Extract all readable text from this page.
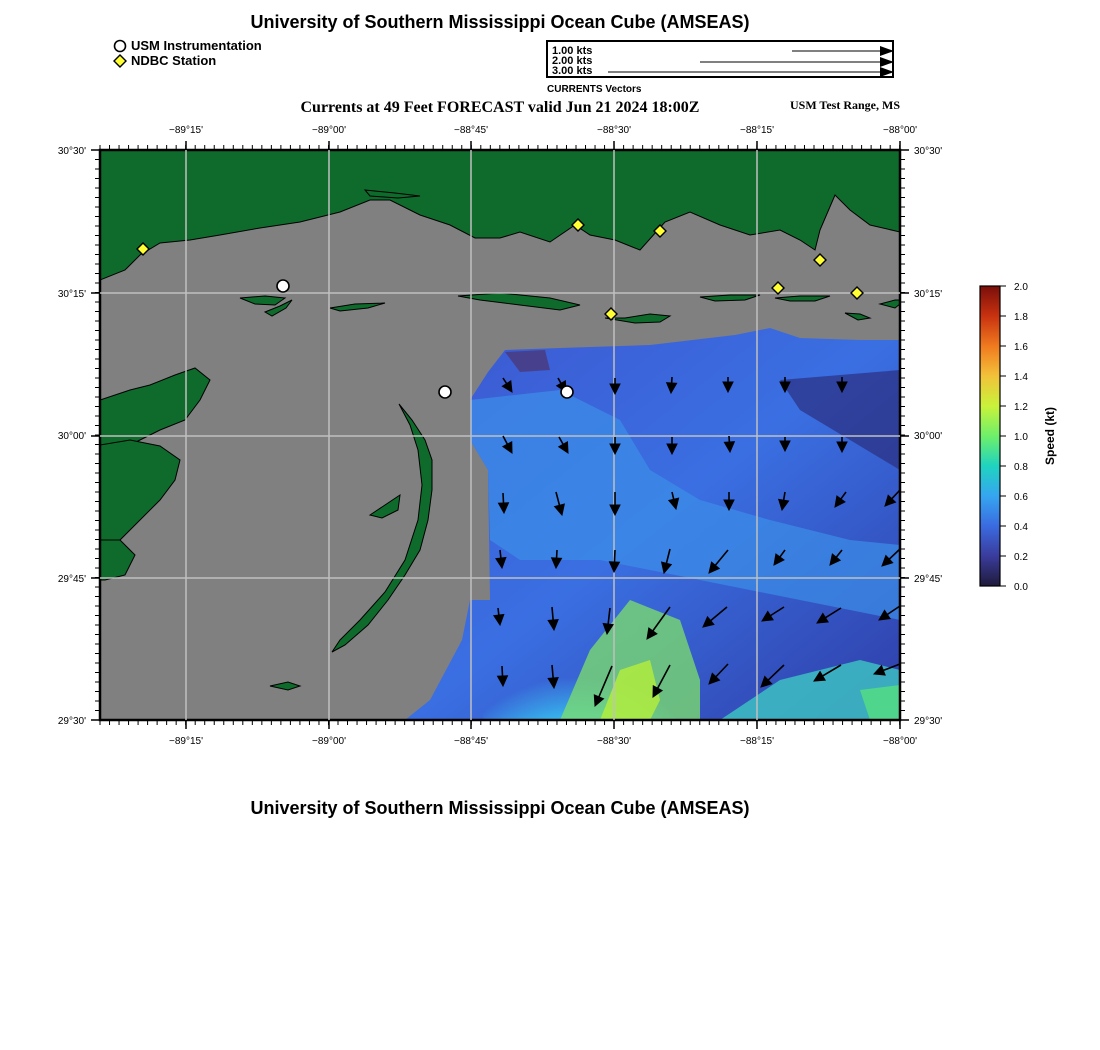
University of Southern Mississippi Ocean Cube (AMSEAS)
USM Instrumentation
NDBC Station
1.00 kts
2.00 kts
3.00 kts
CURRENTS Vectors
Currents at 49 Feet FORECAST valid Jun 21 2024 18:00Z	USM Test Range, MS
−89°15'	−89°00'	−88°45'	−88°30'	−88°15'	−88°00'
−89°15'	−89°00'	−88°45'	−88°30'	−88°15'	−88°00'
30°30'
30°15'
30°00'
29°45'
29°30'
30°30'
30°15'
30°00'
29°45'
29°30'
2.0
1.8
1.6
1.4
1.2
1.0
0.8
0.6
0.4
0.2
0.0
Speed (kt)
University of Southern Mississippi Ocean Cube (AMSEAS)
